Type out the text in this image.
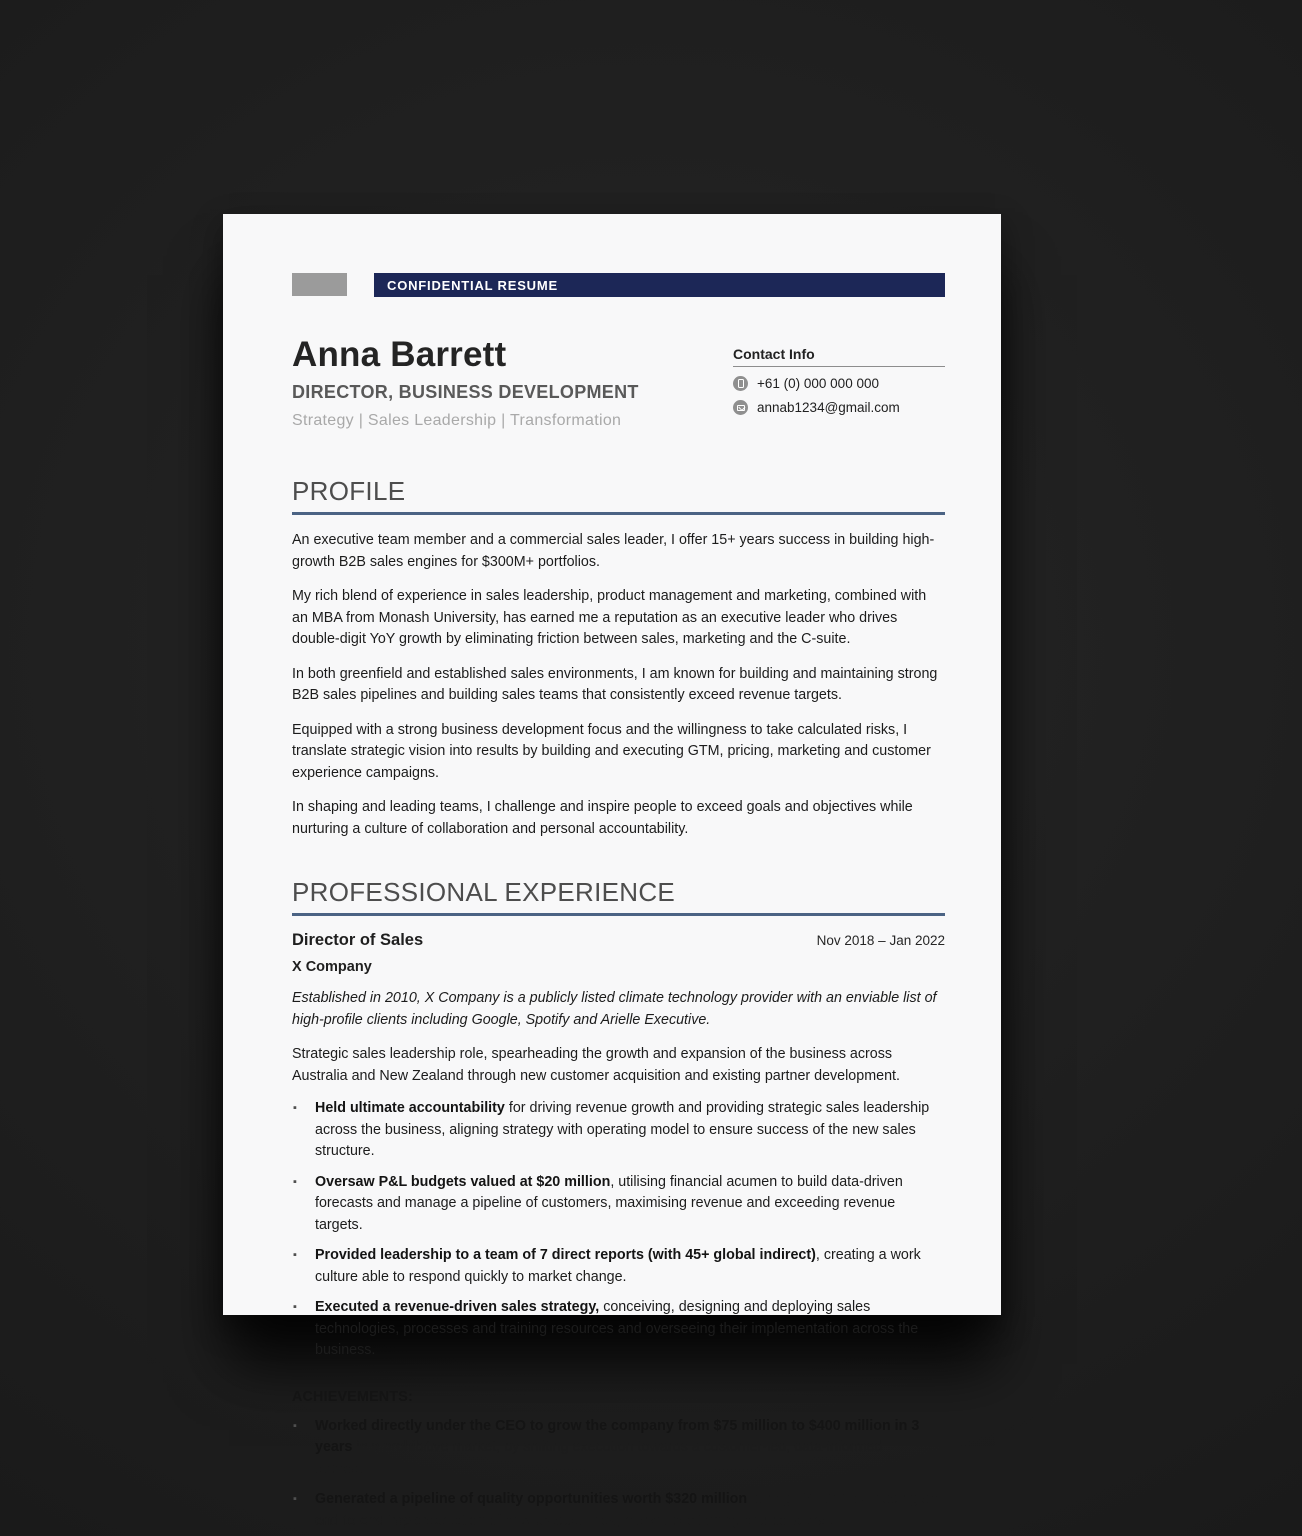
CONFIDENTIAL RESUME
Anna Barrett
DIRECTOR, BUSINESS DEVELOPMENT
Strategy | Sales Leadership | Transformation
Contact Info
+61 (0) 000 000 000
annab1234@gmail.com
PROFILE

An executive team member and a commercial sales leader, I offer 15+ years success in building high-growth B2B sales engines for $300M+ portfolios.

My rich blend of experience in sales leadership, product management and marketing, combined with an MBA from Monash University, has earned me a reputation as an executive leader who drives double-digit YoY growth by eliminating friction between sales, marketing and the C-suite.

In both greenfield and established sales environments, I am known for building and maintaining strong B2B sales pipelines and building sales teams that consistently exceed revenue targets.

Equipped with a strong business development focus and the willingness to take calculated risks, I translate strategic vision into results by building and executing GTM, pricing, marketing and customer experience campaigns.

In shaping and leading teams, I challenge and inspire people to exceed goals and objectives while nurturing a culture of collaboration and personal accountability.

PROFESSIONAL EXPERIENCE
Director of Sales	Nov 2018 – Jan 2022
X Company

Established in 2010, X Company is a publicly listed climate technology provider with an enviable list of high-profile clients including Google, Spotify and Arielle Executive.

Strategic sales leadership role, spearheading the growth and expansion of the business across Australia and New Zealand through new customer acquisition and existing partner development.

▪ Held ultimate accountability for driving revenue growth and providing strategic sales leadership across the business, aligning strategy with operating model to ensure success of the new sales structure.
▪ Oversaw P&L budgets valued at $20 million, utilising financial acumen to build data-driven forecasts and manage a pipeline of customers, maximising revenue and exceeding revenue targets.
▪ Provided leadership to a team of 7 direct reports (with 45+ global indirect), creating a work culture able to respond quickly to market change.
▪ Executed a revenue-driven sales strategy, conceiving, designing and deploying sales technologies, processes and training resources and overseeing their implementation across the business.
ACHIEVEMENTS:
▪ Worked directly under the CEO to grow the company from $75 million to $400 million in 3 years in a prohibitive market, by shifting execution towards a customer-led, data-informed approach.
▪ Generated a pipeline of quality opportunities worth $320 million during FY 2021 by leading an end-to-end implementation of new product lines, market positioning and collateral.
